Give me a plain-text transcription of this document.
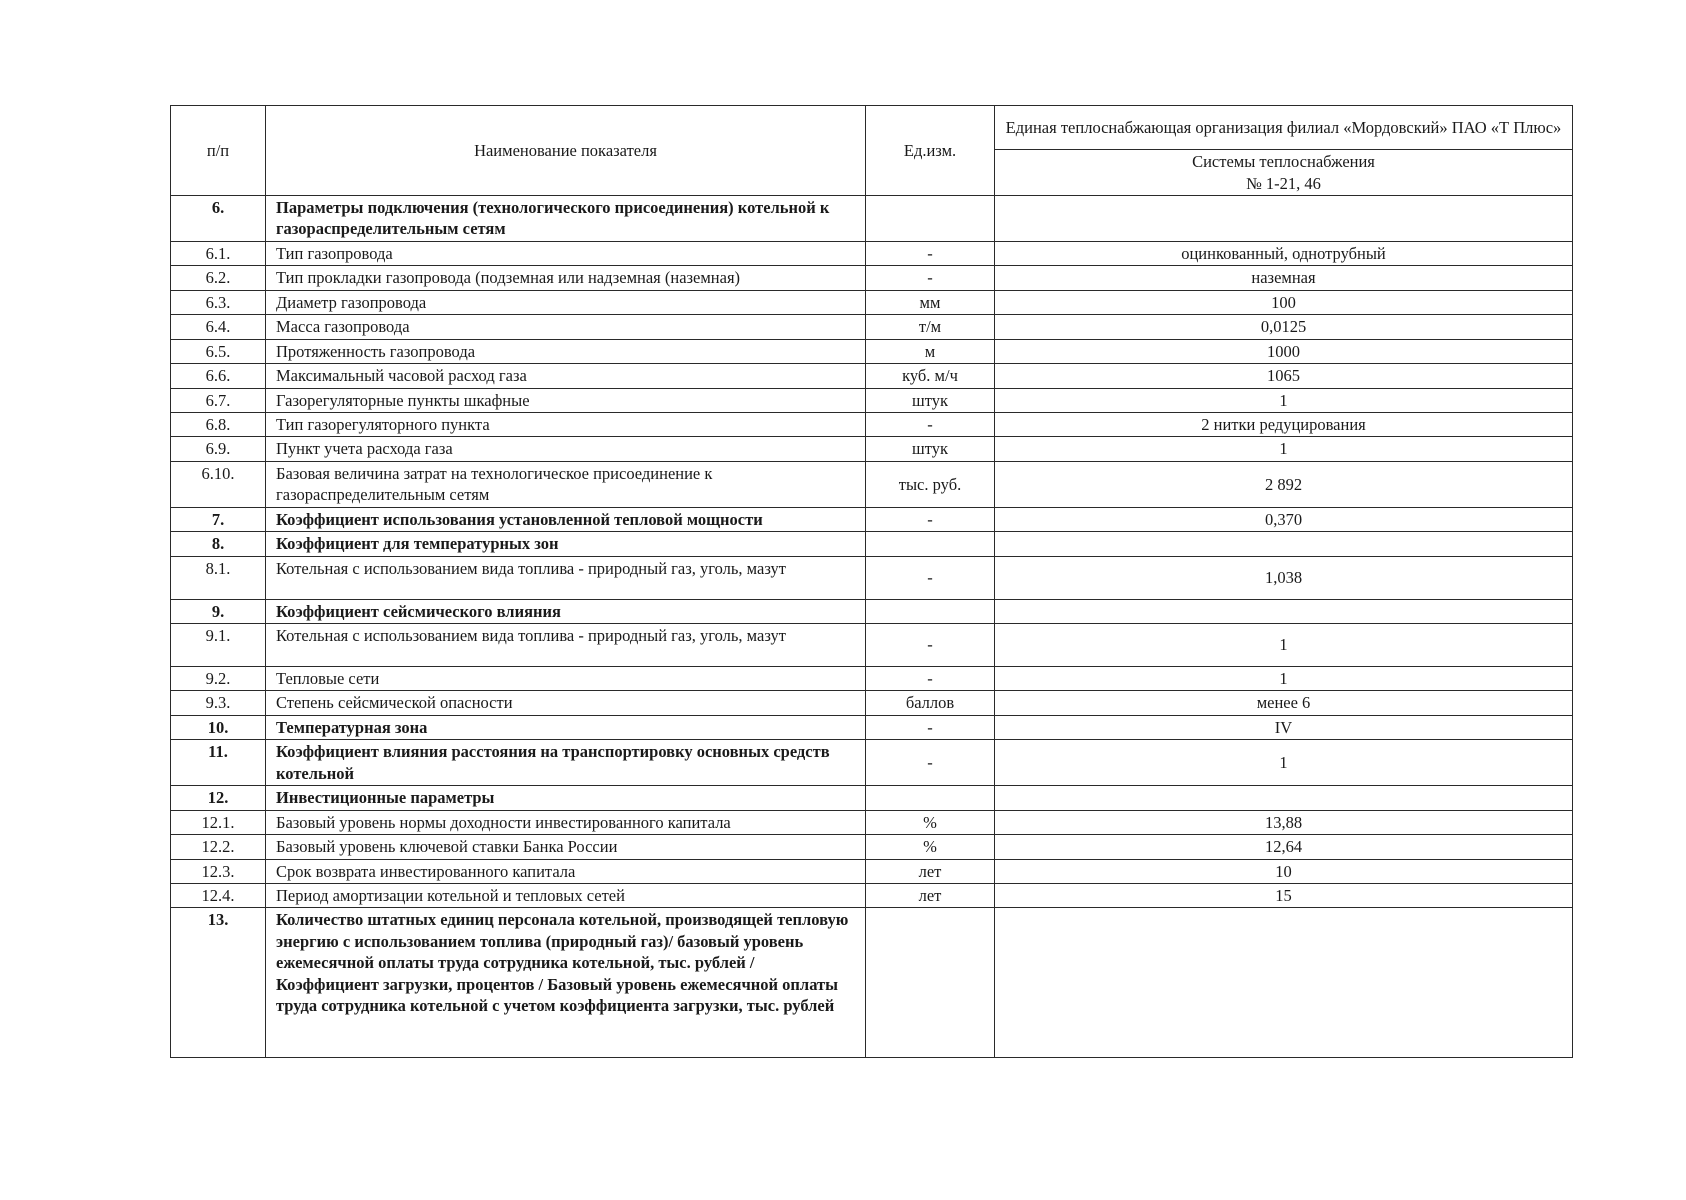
п/п	Наименование показателя	Ед.изм.	Единая теплоснабжающая организация филиал «Мордовский» ПАО «Т Плюс»
			Системы теплоснабжения
№ 1-21, 46
6.	Параметры подключения (технологического присоединения) котельной к газораспределительным сетям		
6.1.	Тип газопровода	-	оцинкованный, однотрубный
6.2.	Тип прокладки газопровода (подземная или надземная (наземная)	-	наземная
6.3.	Диаметр газопровода	мм	100
6.4.	Масса газопровода	т/м	0,0125
6.5.	Протяженность газопровода	м	1000
6.6.	Максимальный часовой расход газа	куб. м/ч	1065
6.7.	Газорегуляторные пункты шкафные	штук	1
6.8.	Тип газорегуляторного пункта	-	2 нитки редуцирования
6.9.	Пункт учета расхода газа	штук	1
6.10.	Базовая величина затрат на технологическое присоединение к газораспределительным сетям	тыс. руб.	2 892
7.	Коэффициент использования установленной тепловой мощности	-	0,370
8.	Коэффициент для температурных зон		
8.1.	Котельная с использованием вида топлива - природный газ, уголь, мазут	-	1,038
9.	Коэффициент сейсмического влияния		
9.1.	Котельная с использованием вида топлива - природный газ, уголь, мазут	-	1
9.2.	Тепловые сети	-	1
9.3.	Степень сейсмической опасности	баллов	менее 6
10.	Температурная зона	-	IV
11.	Коэффициент влияния расстояния на транспортировку основных средств котельной	-	1
12.	Инвестиционные параметры		
12.1.	Базовый уровень нормы доходности инвестированного капитала	%	13,88
12.2.	Базовый уровень ключевой ставки Банка России	%	12,64
12.3.	Срок возврата инвестированного капитала	лет	10
12.4.	Период амортизации котельной и тепловых сетей	лет	15
13.	Количество штатных единиц персонала котельной, производящей тепловую энергию с использованием топлива (природный газ)/ базовый уровень ежемесячной оплаты труда сотрудника котельной, тыс. рублей / Коэффициент загрузки, процентов / Базовый уровень ежемесячной оплаты труда сотрудника котельной с учетом коэффициента загрузки, тыс. рублей		
